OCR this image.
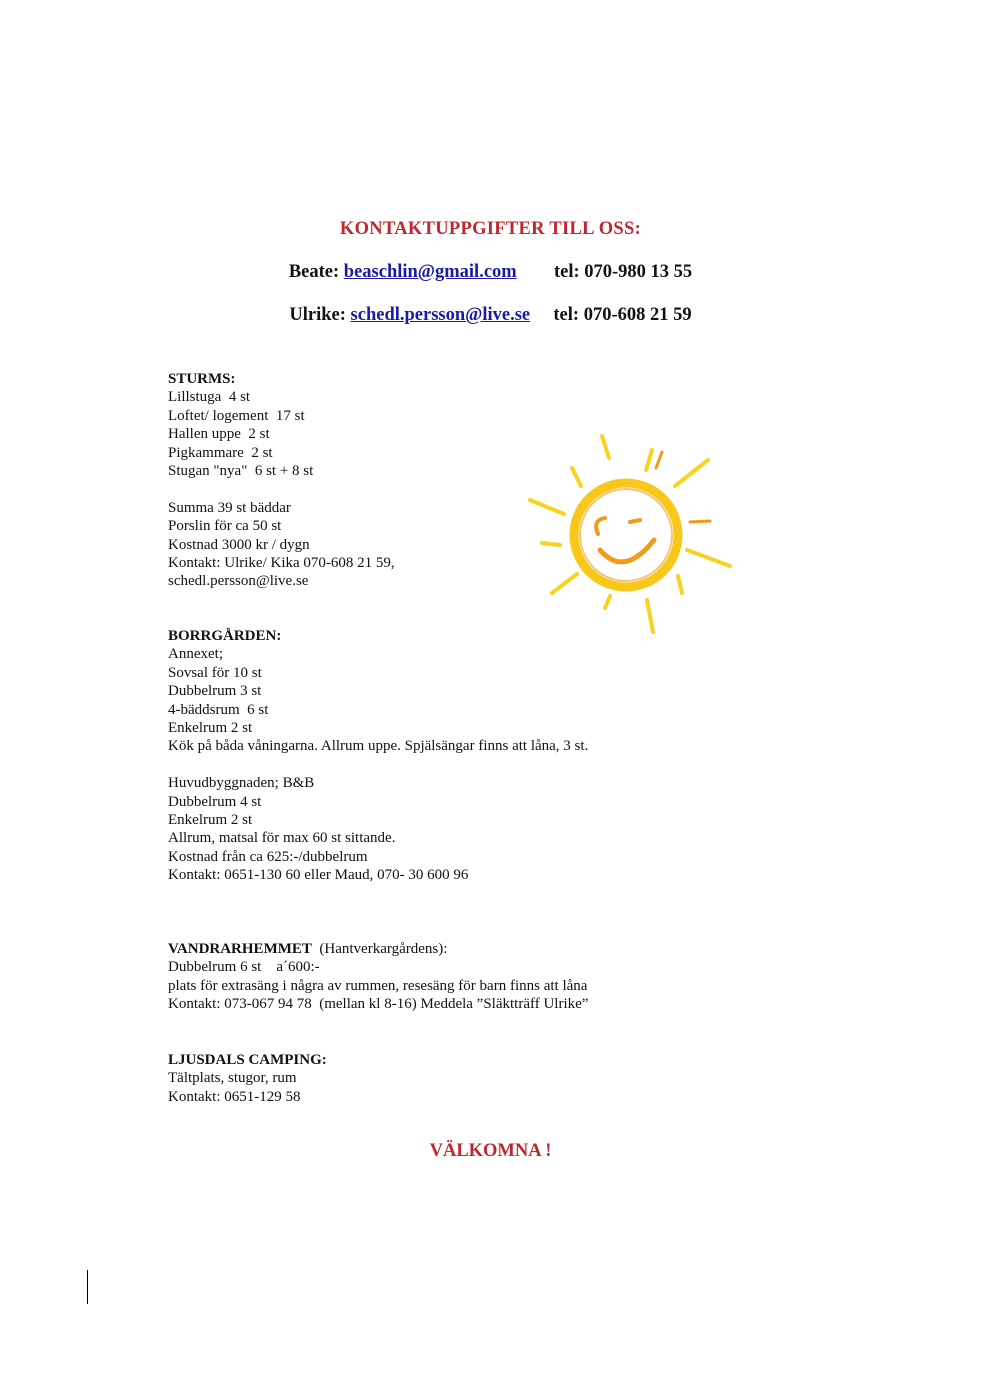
KONTAKTUPPGIFTER TILL OSS:
Beate: beaschlin@gmail.com tel: 070-980 13 55
Ulrike: schedl.persson@live.se tel: 070-608 21 59
STURMS:
Lillstuga  4 st
Loftet/ logement  17 st
Hallen uppe  2 st
Pigkammare  2 st
Stugan "nya"  6 st + 8 st
Summa 39 st bäddar
Porslin för ca 50 st
Kostnad 3000 kr / dygn
Kontakt: Ulrike/ Kika 070-608 21 59,
schedl.persson@live.se
BORRGÅRDEN:
Annexet;
Sovsal för 10 st
Dubbelrum 3 st
4-bäddsrum  6 st
Enkelrum 2 st
Kök på båda våningarna. Allrum uppe. Spjälsängar finns att låna, 3 st.
Huvudbyggnaden; B&B
Dubbelrum 4 st
Enkelrum 2 st
Allrum, matsal för max 60 st sittande.
Kostnad från ca 625:-/dubbelrum
Kontakt: 0651-130 60 eller Maud, 070- 30 600 96
VANDRARHEMMET  (Hantverkargårdens):
Dubbelrum 6 st    a´600:-
plats för extrasäng i några av rummen, resesäng för barn finns att låna
Kontakt: 073-067 94 78  (mellan kl 8-16) Meddela ”Släktträff Ulrike”
LJUSDALS CAMPING:
Tältplats, stugor, rum
Kontakt: 0651-129 58
VÄLKOMNA !
